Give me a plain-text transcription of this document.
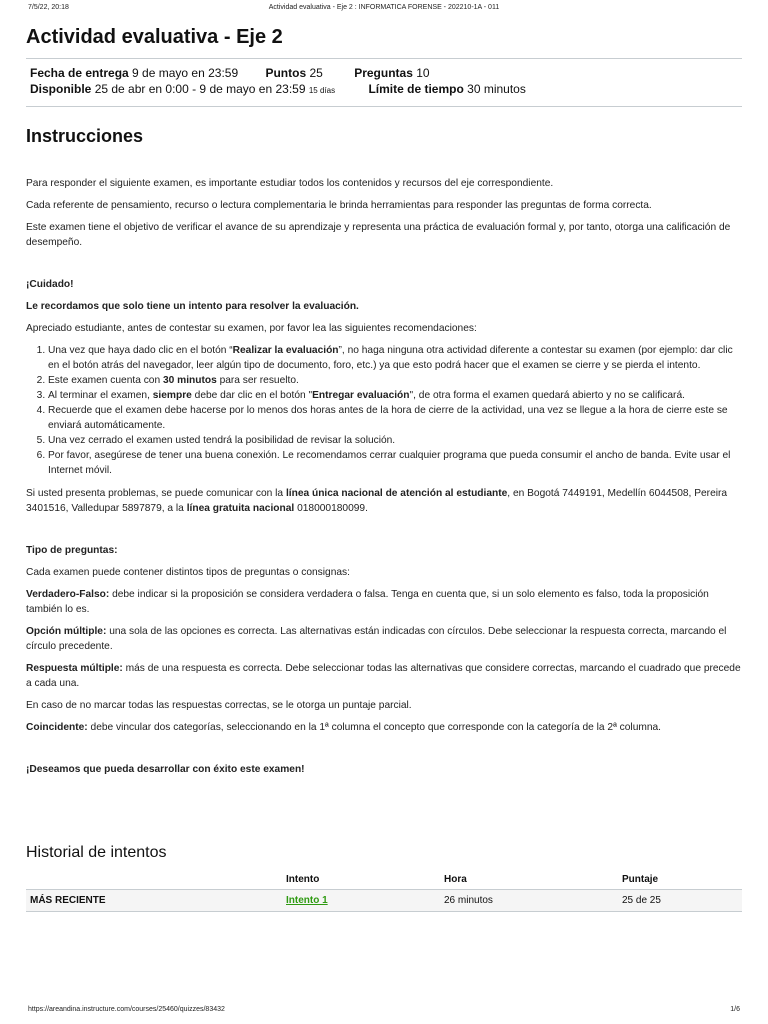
7/5/22, 20:18	Actividad evaluativa - Eje 2 : INFORMATICA FORENSE - 202210-1A - 011
Actividad evaluativa - Eje 2
Fecha de entrega 9 de mayo en 23:59 Puntos 25	Preguntas 10
Disponible 25 de abr en 0:00 - 9 de mayo en 23:59 15 días	Límite de tiempo 30 minutos
Instrucciones

Para responder el siguiente examen, es importante estudiar todos los contenidos y recursos del eje correspondiente.

Cada referente de pensamiento, recurso o lectura complementaria le brinda herramientas para responder las preguntas de forma correcta.

Este examen tiene el objetivo de verificar el avance de su aprendizaje y representa una práctica de evaluación formal y, por tanto, otorga una calificación de desempeño.

¡Cuidado!

Le recordamos que solo tiene un intento para resolver la evaluación.

Apreciado estudiante, antes de contestar su examen, por favor lea las siguientes recomendaciones:

1. Una vez que haya dado clic en el botón “Realizar la evaluación”, no haga ninguna otra actividad diferente a contestar su examen (por ejemplo: dar clic en el botón atrás del navegador, leer algún tipo de documento, foro, etc.) ya que esto podrá hacer que el examen se cierre y se pierda el intento.
2. Este examen cuenta con 30 minutos para ser resuelto.
3. Al terminar el examen, siempre debe dar clic en el botón "Entregar evaluación", de otra forma el examen quedará abierto y no se calificará.
4. Recuerde que el examen debe hacerse por lo menos dos horas antes de la hora de cierre de la actividad, una vez se llegue a la hora de cierre este se enviará automáticamente.
5. Una vez cerrado el examen usted tendrá la posibilidad de revisar la solución.
6. Por favor, asegúrese de tener una buena conexión. Le recomendamos cerrar cualquier programa que pueda consumir el ancho de banda. Evite usar el Internet móvil.

Si usted presenta problemas, se puede comunicar con la línea única nacional de atención al estudiante, en Bogotá 7449191, Medellín 6044508, Pereira 3401516, Valledupar 5897879, a la línea gratuita nacional 018000180099.

Tipo de preguntas:

Cada examen puede contener distintos tipos de preguntas o consignas:

Verdadero-Falso: debe indicar si la proposición se considera verdadera o falsa. Tenga en cuenta que, si un solo elemento es falso, toda la proposición también lo es.

Opción múltiple: una sola de las opciones es correcta. Las alternativas están indicadas con círculos. Debe seleccionar la respuesta correcta, marcando el círculo precedente.

Respuesta múltiple: más de una respuesta es correcta. Debe seleccionar todas las alternativas que considere correctas, marcando el cuadrado que precede a cada una.

En caso de no marcar todas las respuestas correctas, se le otorga un puntaje parcial.

Coincidente: debe vincular dos categorías, seleccionando en la 1ª columna el concepto que corresponde con la categoría de la 2ª columna.

¡Deseamos que pueda desarrollar con éxito este examen!

Historial de intentos
	Intento	Hora	Puntaje
MÁS RECIENTE	Intento 1	26 minutos	25 de 25
https://areandina.instructure.com/courses/25460/quizzes/83432	1/6
